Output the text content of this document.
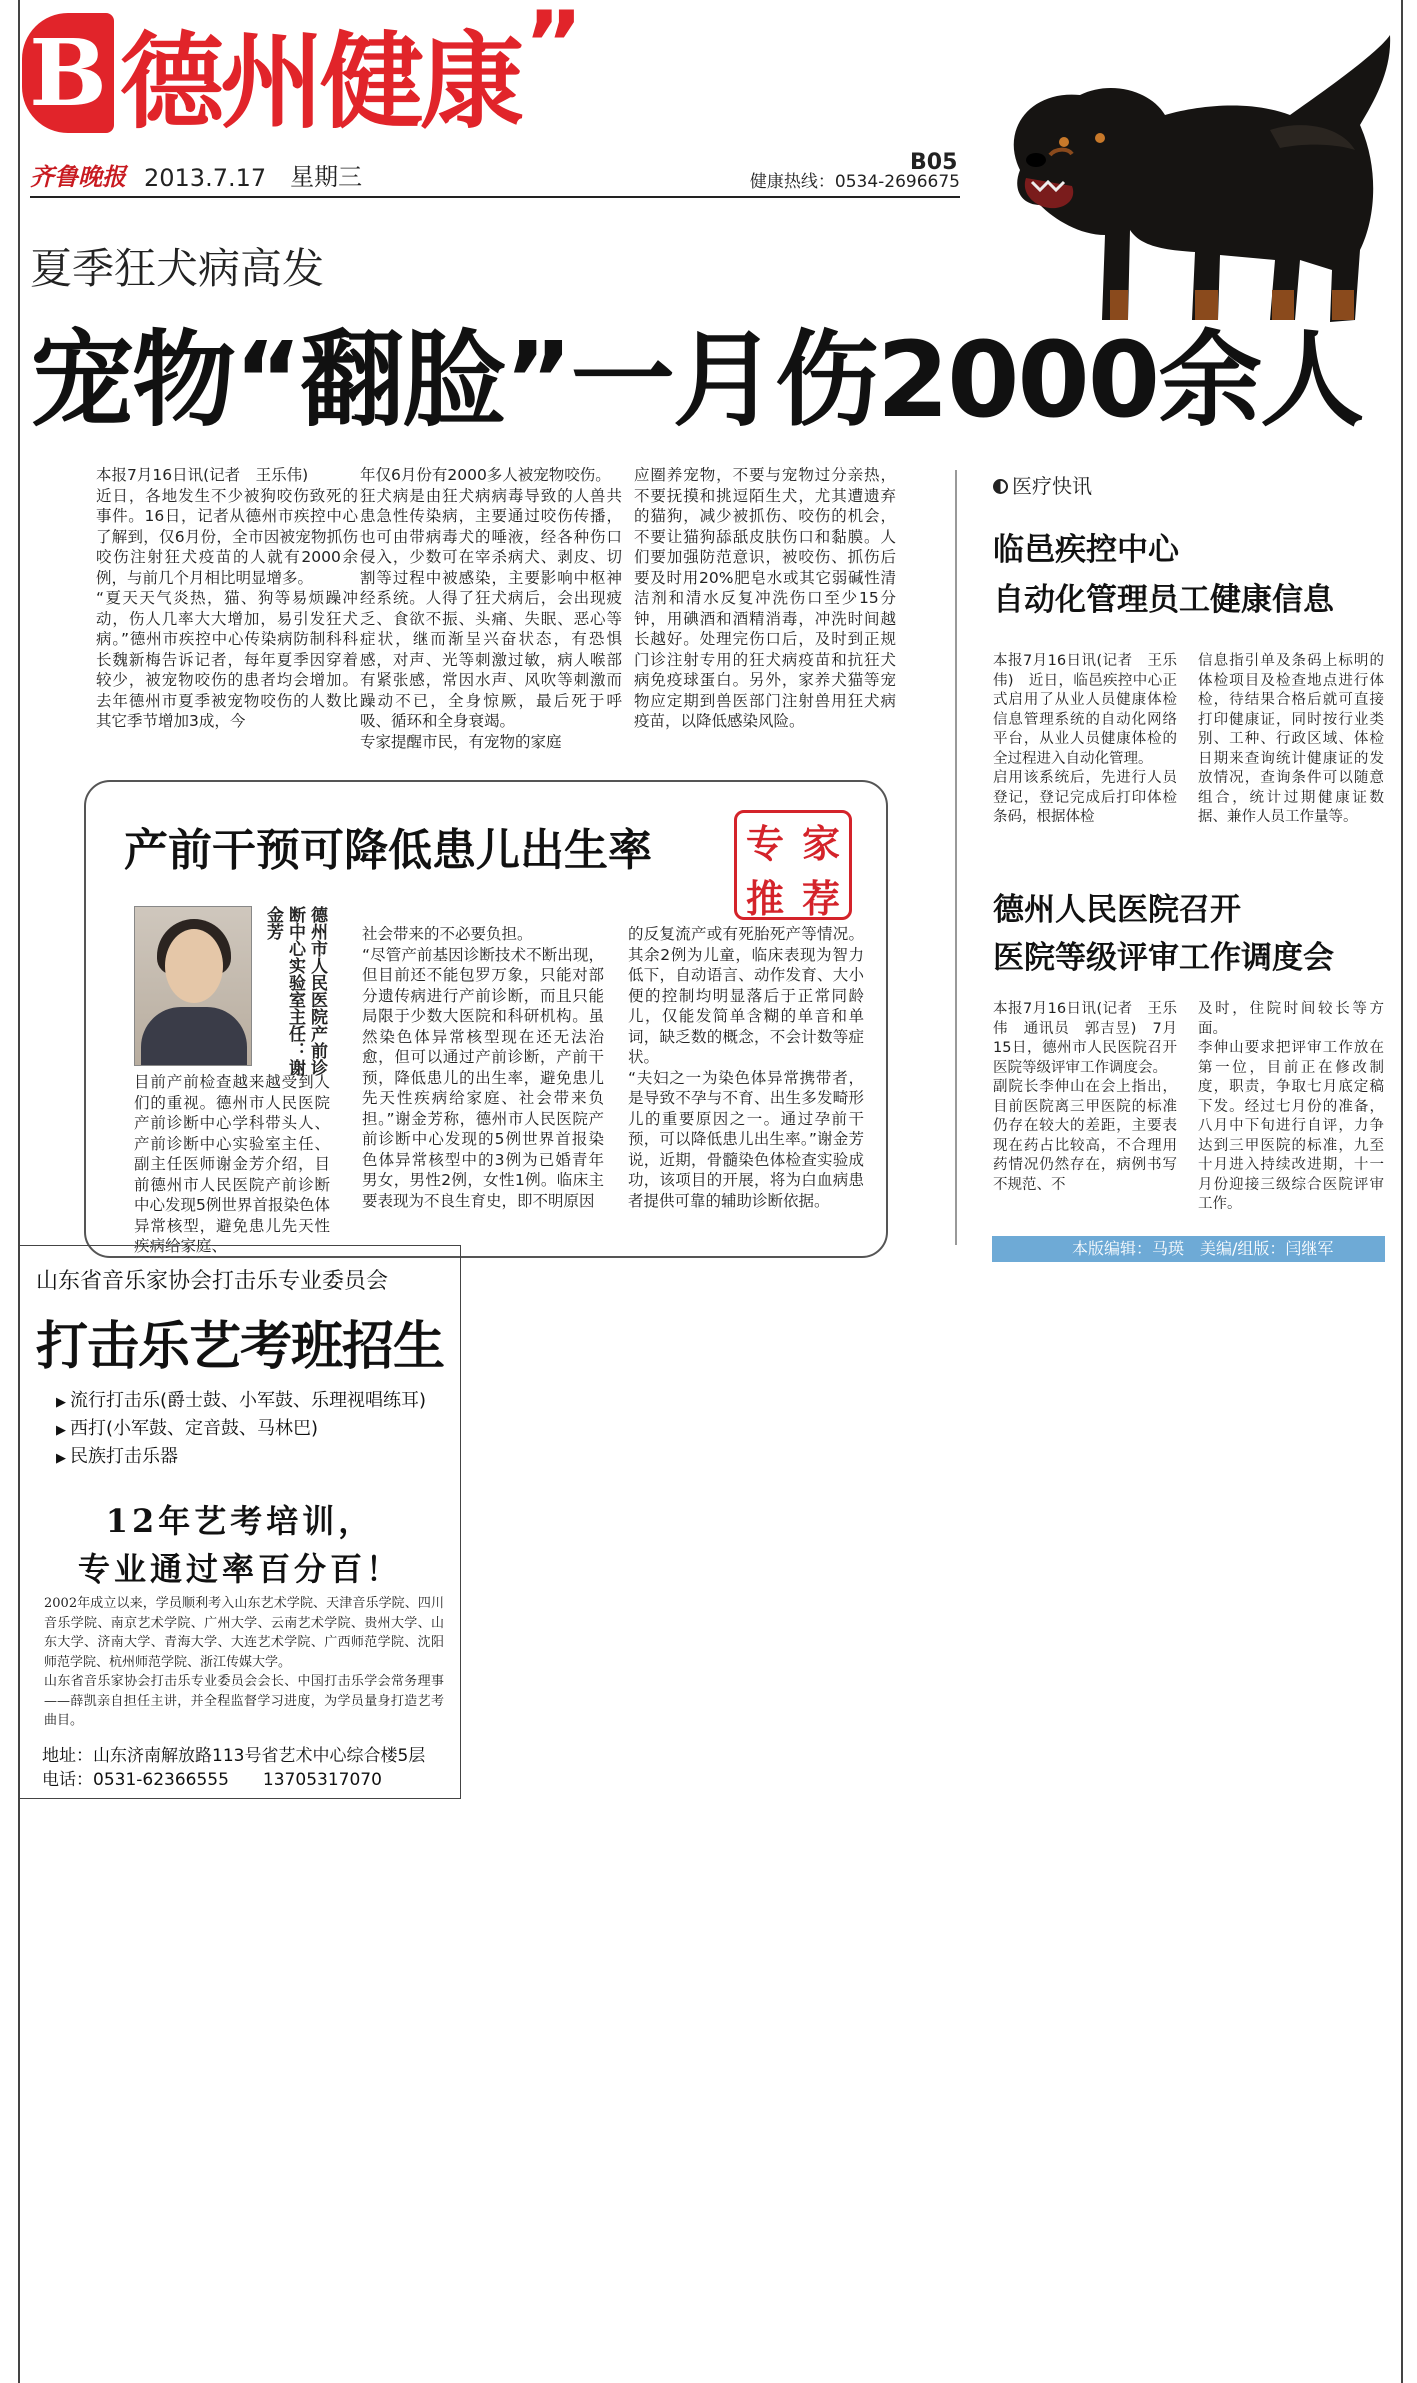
B 德州健康 ”
B05
齐鲁晚报 2013.7.17 星期三	健康热线：0534-2696675
夏季狂犬病高发
宠物“翻脸”一月伤2000余人
本报7月16日讯(记者　王乐伟)
近日，各地发生不少被狗咬伤致死的事件。16日，记者从德州市疾控中心了解到，仅6月份，全市因被宠物抓伤咬伤注射狂犬疫苗的人就有2000余例，与前几个月相比明显增多。
“夏天天气炎热，猫、狗等易烦躁冲动，伤人几率大大增加，易引发狂犬病。”德州市疾控中心传染病防制科科长魏新梅告诉记者，每年夏季因穿着较少，被宠物咬伤的患者均会增加。去年德州市夏季被宠物咬伤的人数比其它季节增加3成，今
年仅6月份有2000多人被宠物咬伤。
狂犬病是由狂犬病病毒导致的人兽共患急性传染病，主要通过咬伤传播，也可由带病毒犬的唾液，经各种伤口侵入，少数可在宰杀病犬、剥皮、切割等过程中被感染，主要影响中枢神经系统。人得了狂犬病后，会出现疲乏、食欲不振、头痛、失眠、恶心等症状，继而渐呈兴奋状态，有恐惧感，对声、光等刺激过敏，病人喉部有紧张感，常因水声、风吹等刺激而躁动不已，全身惊厥，最后死于呼吸、循环和全身衰竭。
专家提醒市民，有宠物的家庭
应圈养宠物，不要与宠物过分亲热，不要抚摸和挑逗陌生犬，尤其遭遗弃的猫狗，减少被抓伤、咬伤的机会，不要让猫狗舔舐皮肤伤口和黏膜。人们要加强防范意识，被咬伤、抓伤后要及时用20%肥皂水或其它弱碱性清洁剂和清水反复冲洗伤口至少15分钟，用碘酒和酒精消毒，冲洗时间越长越好。处理完伤口后，及时到正规门诊注射专用的狂犬病疫苗和抗狂犬病免疫球蛋白。另外，家养犬猫等宠物应定期到兽医部门注射兽用狂犬病疫苗，以降低感染风险。
产前干预可降低患儿出生率 专 家
推 荐
德州市人民医院产前诊断中心实验室主任：谢金芳
目前产前检查越来越受到人们的重视。德州市人民医院产前诊断中心学科带头人、产前诊断中心实验室主任、副主任医师谢金芳介绍，目前德州市人民医院产前诊断中心发现5例世界首报染色体异常核型，避免患儿先天性疾病给家庭、
社会带来的不必要负担。
“尽管产前基因诊断技术不断出现，但目前还不能包罗万象，只能对部分遗传病进行产前诊断，而且只能局限于少数大医院和科研机构。虽然染色体异常核型现在还无法治愈，但可以通过产前诊断，产前干预，降低患儿的出生率，避免患儿先天性疾病给家庭、社会带来负担。”谢金芳称，德州市人民医院产前诊断中心发现的5例世界首报染色体异常核型中的3例为已婚青年男女，男性2例，女性1例。临床主要表现为不良生育史，即不明原因
的反复流产或有死胎死产等情况。其余2例为儿童，临床表现为智力低下，自动语言、动作发育、大小便的控制均明显落后于正常同龄儿，仅能发简单含糊的单音和单词，缺乏数的概念，不会计数等症状。
“夫妇之一为染色体异常携带者，是导致不孕与不育、出生多发畸形儿的重要原因之一。通过孕前干预，可以降低患儿出生率。”谢金芳说，近期，骨髓染色体检查实验成功，该项目的开展，将为白血病患者提供可靠的辅助诊断依据。
医疗快讯
临邑疾控中心
自动化管理员工健康信息
本报7月16日讯(记者　王乐伟)　近日，临邑疾控中心正式启用了从业人员健康体检信息管理系统的自动化网络平台，从业人员健康体检的全过程进入自动化管理。
启用该系统后，先进行人员登记，登记完成后打印体检条码，根据体检
信息指引单及条码上标明的体检项目及检查地点进行体检，待结果合格后就可直接打印健康证，同时按行业类别、工种、行政区域、体检日期来查询统计健康证的发放情况，查询条件可以随意组合，统计过期健康证数据、兼作人员工作量等。
德州人民医院召开
医院等级评审工作调度会
本报7月16日讯(记者　王乐伟　通讯员　郭吉昱)　7月15日，德州市人民医院召开医院等级评审工作调度会。
副院长李伸山在会上指出，目前医院离三甲医院的标准仍存在较大的差距，主要表现在药占比较高，不合理用药情况仍然存在，病例书写不规范、不
及时，住院时间较长等方面。
李伸山要求把评审工作放在第一位，目前正在修改制度，职责，争取七月底定稿下发。经过七月份的准备，八月中下旬进行自评，力争达到三甲医院的标准，九至十月进入持续改进期，十一月份迎接三级综合医院评审工作。
本版编辑：马瑛　美编/组版：闫继军
山东省音乐家协会打击乐专业委员会
打击乐艺考班招生
▶ 流行打击乐(爵士鼓、小军鼓、乐理视唱练耳)
▶ 西打(小军鼓、定音鼓、马林巴)
▶ 民族打击乐器
12年艺考培训，
专业通过率百分百！
2002年成立以来，学员顺利考入山东艺术学院、天津音乐学院、四川音乐学院、南京艺术学院、广州大学、云南艺术学院、贵州大学、山东大学、济南大学、青海大学、大连艺术学院、广西师范学院、沈阳师范学院、杭州师范学院、浙江传媒大学。
山东省音乐家协会打击乐专业委员会会长、中国打击乐学会常务理事——薛凯亲自担任主讲，并全程监督学习进度，为学员量身打造艺考曲目。
地址：山东济南解放路113号省艺术中心综合楼5层
电话：0531-62366555　　13705317070
